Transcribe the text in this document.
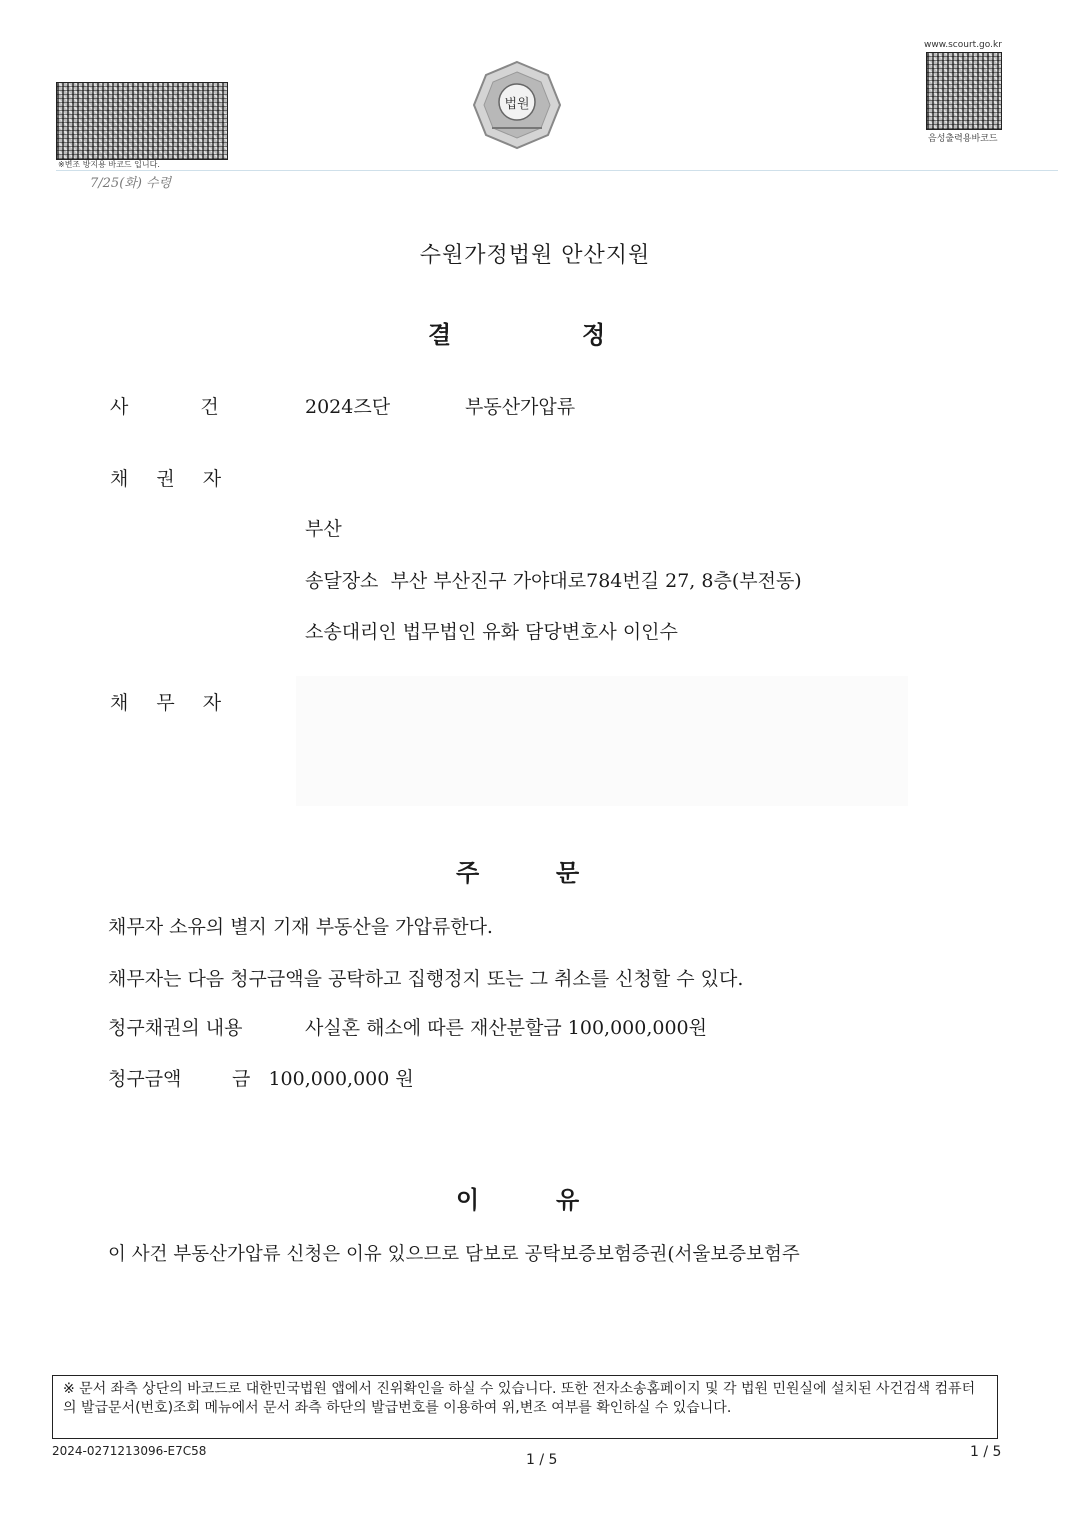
※변조 방지용 바코드 입니다.
7/25(화) 수령
법원
www.scourt.go.kr
음성출력용바코드
수원가정법원 안산지원
결	정
사 건	2024즈단	부동산가압류
채 권 자
부산
송달장소  부산 부산진구 가야대로784번길 27, 8층(부전동)
소송대리인 법무법인 유화 담당변호사 이인수
채 무 자
주	문
채무자 소유의 별지 기재 부동산을 가압류한다.
채무자는 다음 청구금액을 공탁하고 집행정지 또는 그 취소를 신청할 수 있다.
청구채권의 내용	사실혼 해소에 따른 재산분할금 100,000,000원
청구금액	금   100,000,000 원
이	유
이 사건 부동산가압류 신청은 이유 있으므로 담보로 공탁보증보험증권(서울보증보험주
※ 문서 좌측 상단의 바코드로 대한민국법원 앱에서 진위확인을 하실 수 있습니다. 또한 전자소송홈페이지 및 각 법원 민원실에 설치된 사건검색 컴퓨터의 발급문서(번호)조회 메뉴에서 문서 좌측 하단의 발급번호를 이용하여 위,변조 여부를 확인하실 수 있습니다.
2024-0271213096-E7C58
1 / 5	1 / 5
